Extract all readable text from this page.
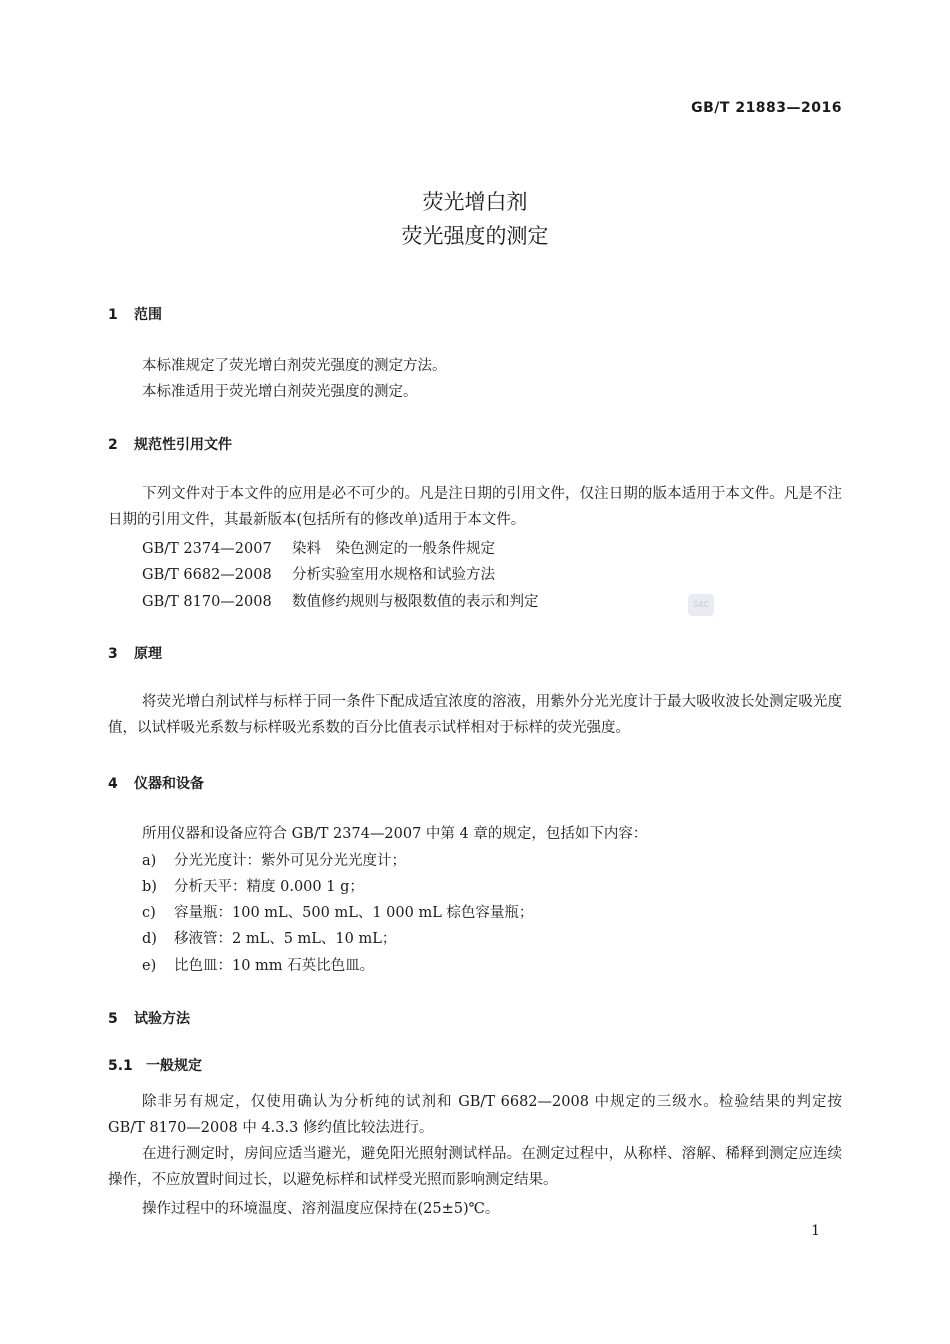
GB/T 21883—2016
荧光增白剂
荧光强度的测定
1 范围
本标准规定了荧光增白剂荧光强度的测定方法。
本标准适用于荧光增白剂荧光强度的测定。
2 规范性引用文件
下列文件对于本文件的应用是必不可少的。凡是注日期的引用文件，仅注日期的版本适用于本文件。凡是不注日期的引用文件，其最新版本(包括所有的修改单)适用于本文件。
GB/T 2374—2007 染料　染色测定的一般条件规定
GB/T 6682—2008 分析实验室用水规格和试验方法
GB/T 8170—2008 数值修约规则与极限数值的表示和判定	SAC
3 原理
将荧光增白剂试样与标样于同一条件下配成适宜浓度的溶液，用紫外分光光度计于最大吸收波长处测定吸光度值，以试样吸光系数与标样吸光系数的百分比值表示试样相对于标样的荧光强度。
4 仪器和设备
所用仪器和设备应符合 GB/T 2374—2007 中第 4 章的规定，包括如下内容：
a) 分光光度计：紫外可见分光光度计；
b) 分析天平：精度 0.000 1 g；
c) 容量瓶：100 mL、500 mL、1 000 mL 棕色容量瓶；
d) 移液管：2 mL、5 mL、10 mL；
e) 比色皿：10 mm 石英比色皿。
5 试验方法
5.1 一般规定
除非另有规定，仅使用确认为分析纯的试剂和 GB/T 6682—2008 中规定的三级水。检验结果的判定按 GB/T 8170—2008 中 4.3.3 修约值比较法进行。
在进行测定时，房间应适当避光，避免阳光照射测试样品。在测定过程中，从称样、溶解、稀释到测定应连续操作，不应放置时间过长，以避免标样和试样受光照而影响测定结果。
操作过程中的环境温度、溶剂温度应保持在(25±5)℃。
1
